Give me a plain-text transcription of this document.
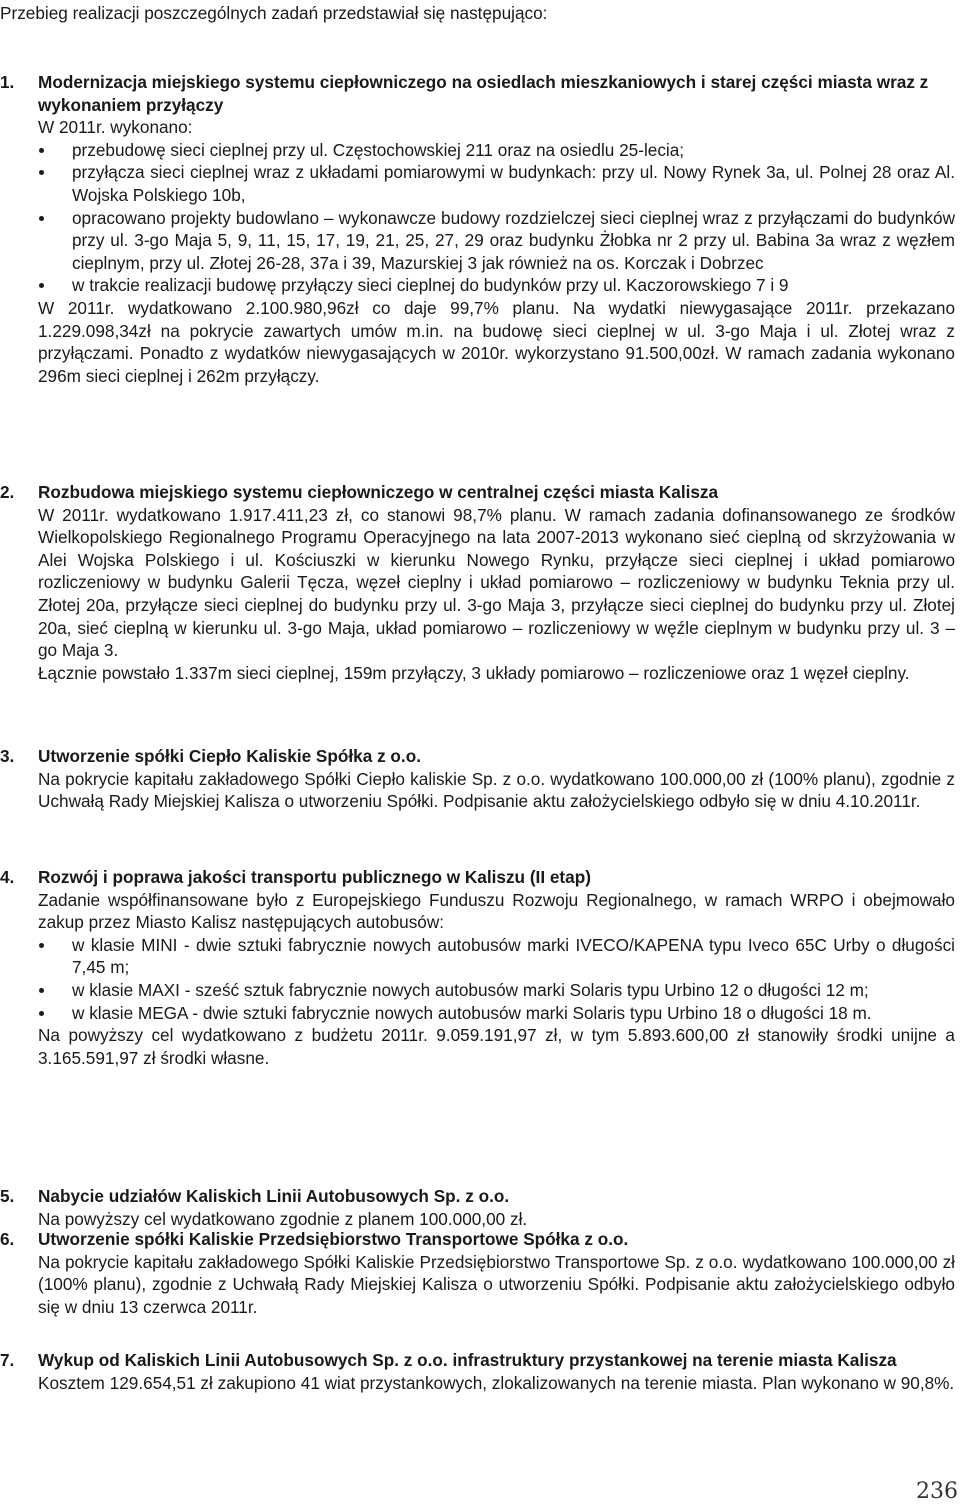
Przebieg realizacji poszczególnych zadań przedstawiał się następująco:
1. Modernizacja miejskiego systemu ciepłowniczego na osiedlach mieszkaniowych i starej części miasta wraz z wykonaniem przyłączy
W 2011r. wykonano:
przebudowę sieci cieplnej przy ul. Częstochowskiej 211 oraz na osiedlu 25-lecia;
przyłącza sieci cieplnej wraz z układami pomiarowymi w budynkach: przy ul. Nowy Rynek 3a, ul. Polnej 28 oraz Al. Wojska Polskiego 10b,
opracowano projekty budowlano – wykonawcze budowy rozdzielczej sieci cieplnej wraz z przyłączami do budynków przy ul. 3-go Maja 5, 9, 11, 15, 17, 19, 21, 25, 27, 29 oraz budynku Żłobka nr 2 przy ul. Babina 3a wraz z węzłem cieplnym, przy ul. Złotej 26-28, 37a i 39, Mazurskiej 3 jak również na os. Korczak i Dobrzec
w trakcie realizacji budowę przyłączy sieci cieplnej do budynków przy ul. Kaczorowskiego 7 i 9
W 2011r. wydatkowano 2.100.980,96zł co daje 99,7% planu. Na wydatki niewygasające 2011r. przekazano 1.229.098,34zł na pokrycie zawartych umów m.in. na budowę sieci cieplnej w ul. 3-go Maja i ul. Złotej wraz z przyłączami. Ponadto z wydatków niewygasających w 2010r. wykorzystano 91.500,00zł. W ramach zadania wykonano 296m sieci cieplnej i 262m przyłączy.
2. Rozbudowa miejskiego systemu ciepłowniczego w centralnej części miasta Kalisza
W 2011r. wydatkowano 1.917.411,23 zł, co stanowi 98,7% planu. W ramach zadania dofinansowanego ze środków Wielkopolskiego Regionalnego Programu Operacyjnego na lata 2007-2013 wykonano sieć cieplną od skrzyżowania w Alei Wojska Polskiego i ul. Kościuszki w kierunku Nowego Rynku, przyłącze sieci cieplnej i układ pomiarowo rozliczeniowy w budynku Galerii Tęcza, węzeł cieplny i układ pomiarowo – rozliczeniowy w budynku Teknia przy ul. Złotej 20a, przyłącze sieci cieplnej do budynku przy ul. 3-go Maja 3, przyłącze sieci cieplnej do budynku przy ul. Złotej 20a, sieć cieplną w kierunku ul. 3-go Maja, układ pomiarowo – rozliczeniowy w węźle cieplnym w budynku przy ul. 3 – go Maja 3.
Łącznie powstało 1.337m sieci cieplnej, 159m przyłączy, 3 układy pomiarowo – rozliczeniowe oraz 1 węzeł cieplny.
3. Utworzenie spółki Ciepło Kaliskie Spółka z o.o.
Na pokrycie kapitału zakładowego Spółki Ciepło kaliskie Sp. z o.o. wydatkowano 100.000,00 zł (100% planu), zgodnie z Uchwałą Rady Miejskiej Kalisza o utworzeniu Spółki. Podpisanie aktu założycielskiego odbyło się w dniu 4.10.2011r.
4. Rozwój i poprawa jakości transportu publicznego w Kaliszu (II etap)
Zadanie współfinansowane było z Europejskiego Funduszu Rozwoju Regionalnego, w ramach WRPO i obejmowało zakup przez Miasto Kalisz następujących autobusów:
w klasie MINI - dwie sztuki fabrycznie nowych autobusów marki IVECO/KAPENA typu Iveco 65C Urby o długości 7,45 m;
w klasie MAXI - sześć sztuk fabrycznie nowych autobusów marki Solaris typu Urbino 12 o długości 12 m;
w klasie MEGA - dwie sztuki fabrycznie nowych autobusów marki Solaris typu Urbino 18 o długości 18 m.
Na powyższy cel wydatkowano z budżetu 2011r. 9.059.191,97 zł, w tym 5.893.600,00 zł stanowiły środki unijne a 3.165.591,97 zł środki własne.
5. Nabycie udziałów Kaliskich Linii Autobusowych Sp. z o.o.
Na powyższy cel wydatkowano zgodnie z planem 100.000,00 zł.
6. Utworzenie spółki Kaliskie Przedsiębiorstwo Transportowe Spółka z o.o.
Na pokrycie kapitału zakładowego Spółki Kaliskie Przedsiębiorstwo Transportowe Sp. z o.o. wydatkowano 100.000,00 zł (100% planu), zgodnie z Uchwałą Rady Miejskiej Kalisza o utworzeniu Spółki. Podpisanie aktu założycielskiego odbyło się w dniu 13 czerwca 2011r.
7. Wykup od Kaliskich Linii Autobusowych Sp. z o.o. infrastruktury przystankowej na terenie miasta Kalisza
Kosztem 129.654,51 zł zakupiono 41 wiat przystankowych, zlokalizowanych na terenie miasta. Plan wykonano w 90,8%.
236
